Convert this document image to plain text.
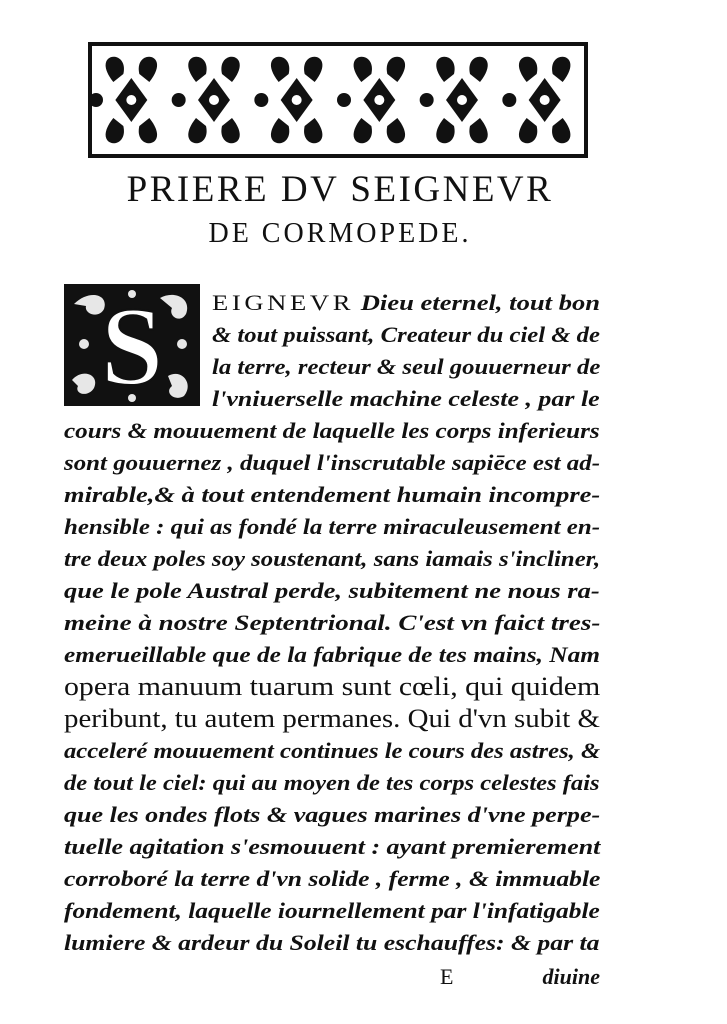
PRIERE DV SEIGNEVR
DE CORMOPEDE.
S EIGNEVR Dieu eternel, tout bon
& tout puissant, Createur du ciel & de
la terre, recteur & seul gouuerneur de
l'vniuerselle machine celeste , par le
cours & mouuement de laquelle les corps inferieurs
sont gouuernez , duquel l'inscrutable sapiēce est ad-
mirable,& à tout entendement humain incompre-
hensible : qui as fondé la terre miraculeusement en-
tre deux poles soy soustenant, sans iamais s'incliner,
que le pole Austral perde, subitement ne nous ra-
meine à nostre Septentrional. C'est vn faict tres-
emerueillable que de la fabrique de tes mains, Nam
opera manuum tuarum sunt cœli, qui quidem
peribunt, tu autem permanes. Qui d'vn subit &
acceleré mouuement continues le cours des astres, &
de tout le ciel: qui au moyen de tes corps celestes fais
que les ondes flots & vagues marines d'vne perpe-
tuelle agitation s'esmouuent : ayant premierement
corroboré la terre d'vn solide , ferme , & immuable
fondement, laquelle iournellement par l'infatigable
lumiere & ardeur du Soleil tu eschauffes: & par ta
E	diuine
